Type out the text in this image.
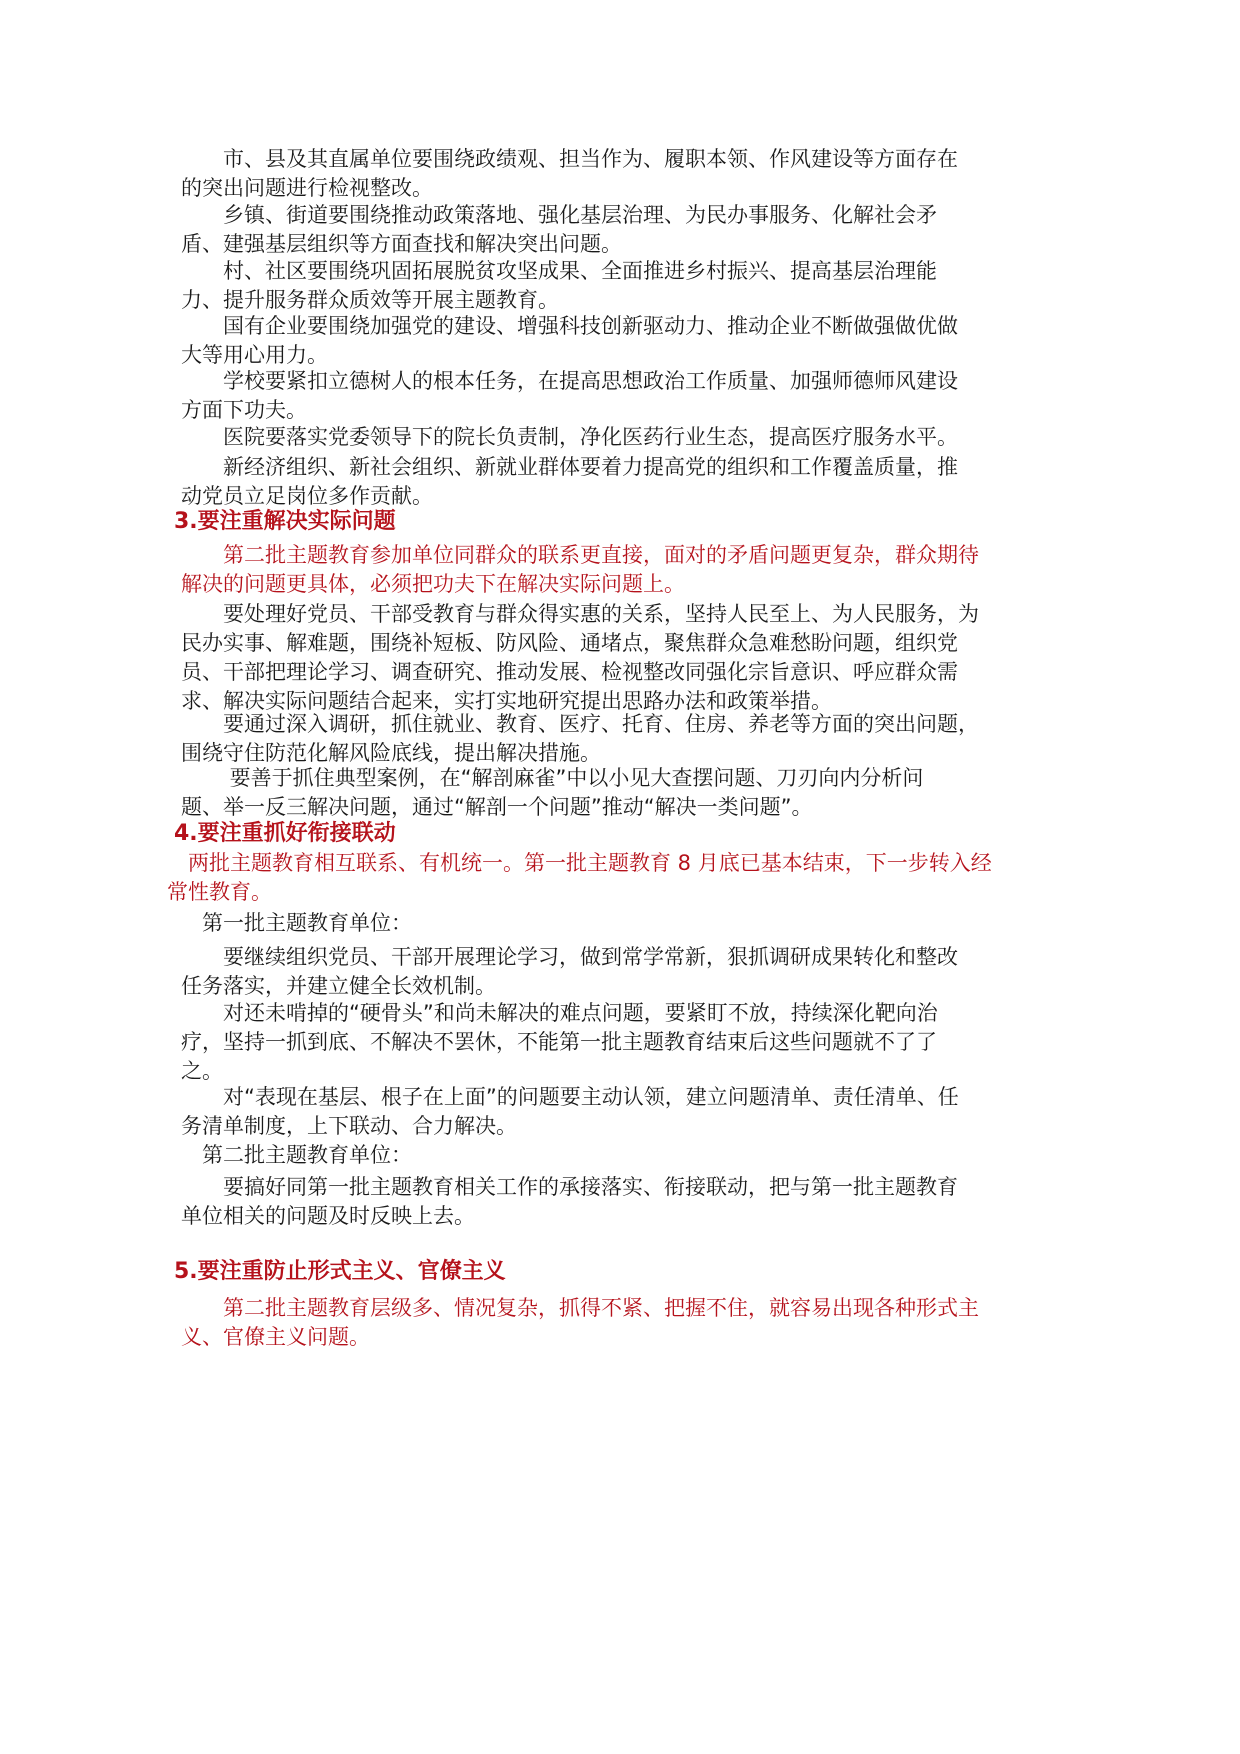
　　市、县及其直属单位要围绕政绩观、担当作为、履职本领、作风建设等方面存在
的突出问题进行检视整改。

　　乡镇、街道要围绕推动政策落地、强化基层治理、为民办事服务、化解社会矛
盾、建强基层组织等方面查找和解决突出问题。

　　村、社区要围绕巩固拓展脱贫攻坚成果、全面推进乡村振兴、提高基层治理能
力、提升服务群众质效等开展主题教育。

　　国有企业要围绕加强党的建设、增强科技创新驱动力、推动企业不断做强做优做
大等用心用力。

　　学校要紧扣立德树人的根本任务，在提高思想政治工作质量、加强师德师风建设
方面下功夫。

　　医院要落实党委领导下的院长负责制，净化医药行业生态，提高医疗服务水平。

　　新经济组织、新社会组织、新就业群体要着力提高党的组织和工作覆盖质量，推
动党员立足岗位多作贡献。

3.要注重解决实际问题

　　第二批主题教育参加单位同群众的联系更直接，面对的矛盾问题更复杂，群众期待
解决的问题更具体，必须把功夫下在解决实际问题上。

　　要处理好党员、干部受教育与群众得实惠的关系，坚持人民至上、为人民服务，为
民办实事、解难题，围绕补短板、防风险、通堵点，聚焦群众急难愁盼问题，组织党
员、干部把理论学习、调查研究、推动发展、检视整改同强化宗旨意识、呼应群众需
求、解决实际问题结合起来，实打实地研究提出思路办法和政策举措。

　　要通过深入调研，抓住就业、教育、医疗、托育、住房、养老等方面的突出问题，
围绕守住防范化解风险底线，提出解决措施。

　　 要善于抓住典型案例，在“解剖麻雀”中以小见大查摆问题、刀刃向内分析问
题、举一反三解决问题，通过“解剖一个问题”推动“解决一类问题”。

4.要注重抓好衔接联动

　两批主题教育相互联系、有机统一。第一批主题教育 8 月底已基本结束，下一步转入经
常性教育。

　第一批主题教育单位：

　　要继续组织党员、干部开展理论学习，做到常学常新，狠抓调研成果转化和整改
任务落实，并建立健全长效机制。

　　对还未啃掉的“硬骨头”和尚未解决的难点问题，要紧盯不放，持续深化靶向治
疗，坚持一抓到底、不解决不罢休，不能第一批主题教育结束后这些问题就不了了
之。

　　对“表现在基层、根子在上面”的问题要主动认领，建立问题清单、责任清单、任
务清单制度，上下联动、合力解决。

　第二批主题教育单位：

　　要搞好同第一批主题教育相关工作的承接落实、衔接联动，把与第一批主题教育
单位相关的问题及时反映上去。

5.要注重防止形式主义、官僚主义

　　第二批主题教育层级多、情况复杂，抓得不紧、把握不住，就容易出现各种形式主
义、官僚主义问题。
